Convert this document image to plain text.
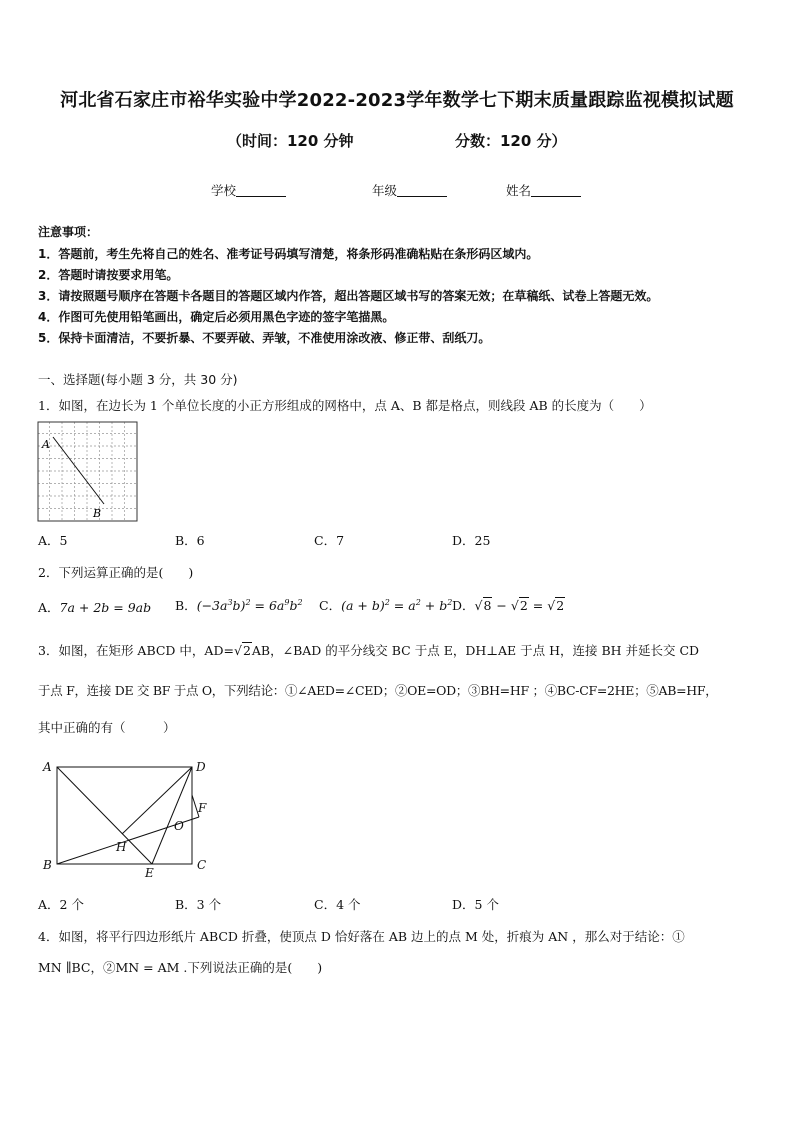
河北省石家庄市裕华实验中学2022-2023学年数学七下期末质量跟踪监视模拟试题
（时间：120 分钟	分数：120 分）
学校	年级	姓名
注意事项：
1．答题前，考生先将自己的姓名、准考证号码填写清楚，将条形码准确粘贴在条形码区域内。
2．答题时请按要求用笔。
3．请按照题号顺序在答题卡各题目的答题区域内作答，超出答题区域书写的答案无效；在草稿纸、试卷上答题无效。
4．作图可先使用铅笔画出，确定后必须用黑色字迹的签字笔描黑。
5．保持卡面清洁，不要折暴、不要弄破、弄皱，不准使用涂改液、修正带、刮纸刀。
一、选择题(每小题 3 分，共 30 分)
1．如图，在边长为 1 个单位长度的小正方形组成的网格中，点 A、B 都是格点，则线段 AB 的长度为（　　）
A
B
A．5	B．6	C．7	D．25
2．下列运算正确的是(　　)
A．7a + 2b = 9ab B．$(-3a^3b)^2 = 6a^9b^2$ C．$(a + b)^2 = a^2 + b^2$ D．√8 − √2 = √2
3．如图，在矩形 ABCD 中，AD=√2AB，∠BAD 的平分线交 BC 于点 E，DH⊥AE 于点 H，连接 BH 并延长交 CD
于点 F，连接 DE 交 BF 于点 O，下列结论：①∠AED=∠CED；②OE=OD；③BH=HF ；④BC-CF=2HE；⑤AB=HF，
其中正确的有（　　　）
A	D
F
O
H
B
E
C
A．2 个	B．3 个	C．4 个	D．5 个
4．如图，将平行四边形纸片 ABCD 折叠，使顶点 D 恰好落在 AB 边上的点 M 处，折痕为 AN ，那么对于结论：①
MN ∥BC，②MN = AM .下列说法正确的是(　　)
